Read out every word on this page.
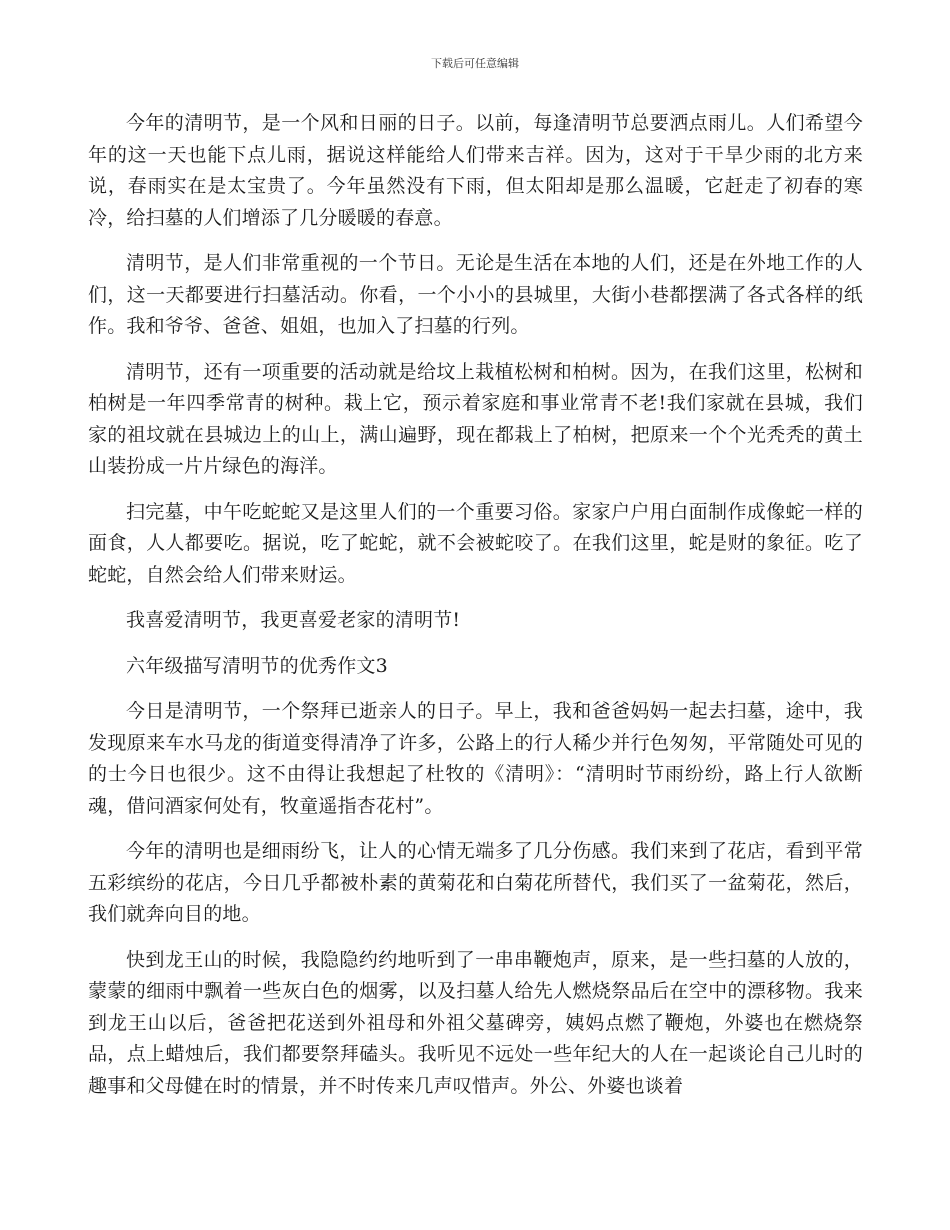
下载后可任意编辑

今年的清明节，是一个风和日丽的日子。以前，每逢清明节总要洒点雨儿。人们希望今年的这一天也能下点儿雨，据说这样能给人们带来吉祥。因为，这对于干旱少雨的北方来说，春雨实在是太宝贵了。今年虽然没有下雨，但太阳却是那么温暖，它赶走了初春的寒冷，给扫墓的人们增添了几分暖暖的春意。

清明节，是人们非常重视的一个节日。无论是生活在本地的人们，还是在外地工作的人们，这一天都要进行扫墓活动。你看，一个小小的县城里，大街小巷都摆满了各式各样的纸作。我和爷爷、爸爸、姐姐，也加入了扫墓的行列。

清明节，还有一项重要的活动就是给坟上栽植松树和柏树。因为，在我们这里，松树和柏树是一年四季常青的树种。栽上它，预示着家庭和事业常青不老!我们家就在县城，我们家的祖坟就在县城边上的山上，满山遍野，现在都栽上了柏树，把原来一个个光秃秃的黄土山装扮成一片片绿色的海洋。

扫完墓，中午吃蛇蛇又是这里人们的一个重要习俗。家家户户用白面制作成像蛇一样的面食，人人都要吃。据说，吃了蛇蛇，就不会被蛇咬了。在我们这里，蛇是财的象征。吃了蛇蛇，自然会给人们带来财运。

我喜爱清明节，我更喜爱老家的清明节!

六年级描写清明节的优秀作文3

今日是清明节，一个祭拜已逝亲人的日子。早上，我和爸爸妈妈一起去扫墓，途中，我发现原来车水马龙的街道变得清净了许多，公路上的行人稀少并行色匆匆，平常随处可见的的士今日也很少。这不由得让我想起了杜牧的《清明》：“清明时节雨纷纷，路上行人欲断魂，借问酒家何处有，牧童遥指杏花村”。

今年的清明也是细雨纷飞，让人的心情无端多了几分伤感。我们来到了花店，看到平常五彩缤纷的花店，今日几乎都被朴素的黄菊花和白菊花所替代，我们买了一盆菊花，然后，我们就奔向目的地。

快到龙王山的时候，我隐隐约约地听到了一串串鞭炮声，原来，是一些扫墓的人放的，蒙蒙的细雨中飘着一些灰白色的烟雾，以及扫墓人给先人燃烧祭品后在空中的漂移物。我来到龙王山以后，爸爸把花送到外祖母和外祖父墓碑旁，姨妈点燃了鞭炮，外婆也在燃烧祭品，点上蜡烛后，我们都要祭拜磕头。我听见不远处一些年纪大的人在一起谈论自己儿时的趣事和父母健在时的情景，并不时传来几声叹惜声。外公、外婆也谈着
